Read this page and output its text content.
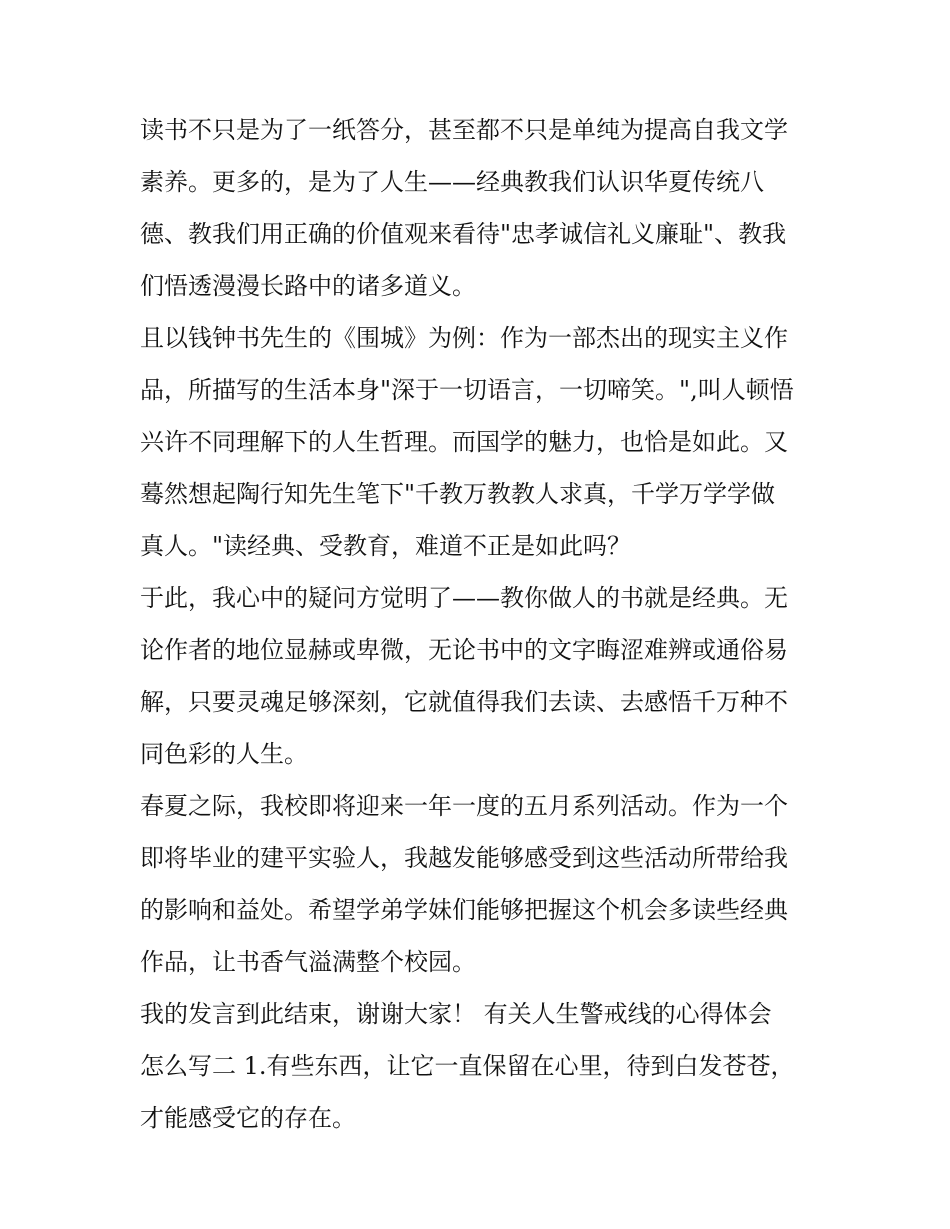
读书不只是为了一纸答分，甚至都不只是单纯为提高自我文学
素养。更多的，是为了人生——经典教我们认识华夏传统八
德、教我们用正确的价值观来看待"忠孝诚信礼义廉耻"、教我
们悟透漫漫长路中的诸多道义。
且以钱钟书先生的《围城》为例：作为一部杰出的现实主义作
品，所描写的生活本身"深于一切语言，一切啼笑。",叫人顿悟
兴许不同理解下的人生哲理。而国学的魅力，也恰是如此。又
蓦然想起陶行知先生笔下"千教万教教人求真，千学万学学做
真人。"读经典、受教育，难道不正是如此吗？
于此，我心中的疑问方觉明了——教你做人的书就是经典。无
论作者的地位显赫或卑微，无论书中的文字晦涩难辨或通俗易
解，只要灵魂足够深刻，它就值得我们去读、去感悟千万种不
同色彩的人生。
春夏之际，我校即将迎来一年一度的五月系列活动。作为一个
即将毕业的建平实验人，我越发能够感受到这些活动所带给我
的影响和益处。希望学弟学妹们能够把握这个机会多读些经典
作品，让书香气溢满整个校园。
我的发言到此结束，谢谢大家！ 有关人生警戒线的心得体会
怎么写二 1.有些东西，让它一直保留在心里，待到白发苍苍，
才能感受它的存在。
